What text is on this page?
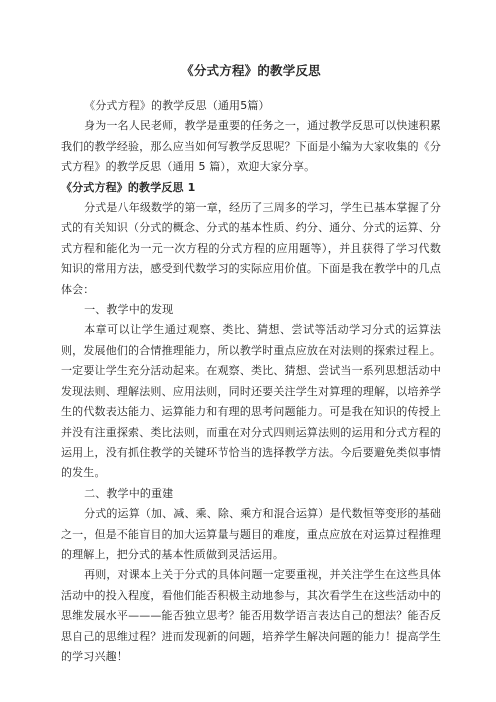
《分式方程》的教学反思

《分式方程》的教学反思（通用5篇）

身为一名人民老师，教学是重要的任务之一，通过教学反思可以快速积累我们的教学经验，那么应当如何写教学反思呢？下面是小编为大家收集的《分式方程》的教学反思（通用 5 篇），欢迎大家分享。

《分式方程》的教学反思 1

分式是八年级数学的第一章，经历了三周多的学习，学生已基本掌握了分式的有关知识（分式的概念、分式的基本性质、约分、通分、分式的运算、分式方程和能化为一元一次方程的分式方程的应用题等），并且获得了学习代数知识的常用方法，感受到代数学习的实际应用价值。下面是我在教学中的几点体会：

一、教学中的发现

本章可以让学生通过观察、类比、猜想、尝试等活动学习分式的运算法则，发展他们的合情推理能力，所以教学时重点应放在对法则的探索过程上。一定要让学生充分活动起来。在观察、类比、猜想、尝试当一系列思想活动中发现法则、理解法则、应用法则，同时还要关注学生对算理的理解，以培养学生的代数表达能力、运算能力和有理的思考问题能力。可是我在知识的传授上并没有注重探索、类比法则，而重在对分式四则运算法则的运用和分式方程的运用上，没有抓住教学的关键环节恰当的选择教学方法。今后要避免类似事情的发生。

二、教学中的重建

分式的运算（加、减、乘、除、乘方和混合运算）是代数恒等变形的基础之一，但是不能盲目的加大运算量与题目的难度，重点应放在对运算过程推理的理解上，把分式的基本性质做到灵活运用。

再则，对课本上关于分式的具体问题一定要重视，并关注学生在这些具体活动中的投入程度，看他们能否积极主动地参与，其次看学生在这些活动中的思维发展水平———能否独立思考？能否用数学语言表达自己的想法？能否反思自己的思维过程？进而发现新的问题，培养学生解决问题的能力！提高学生的学习兴趣！
